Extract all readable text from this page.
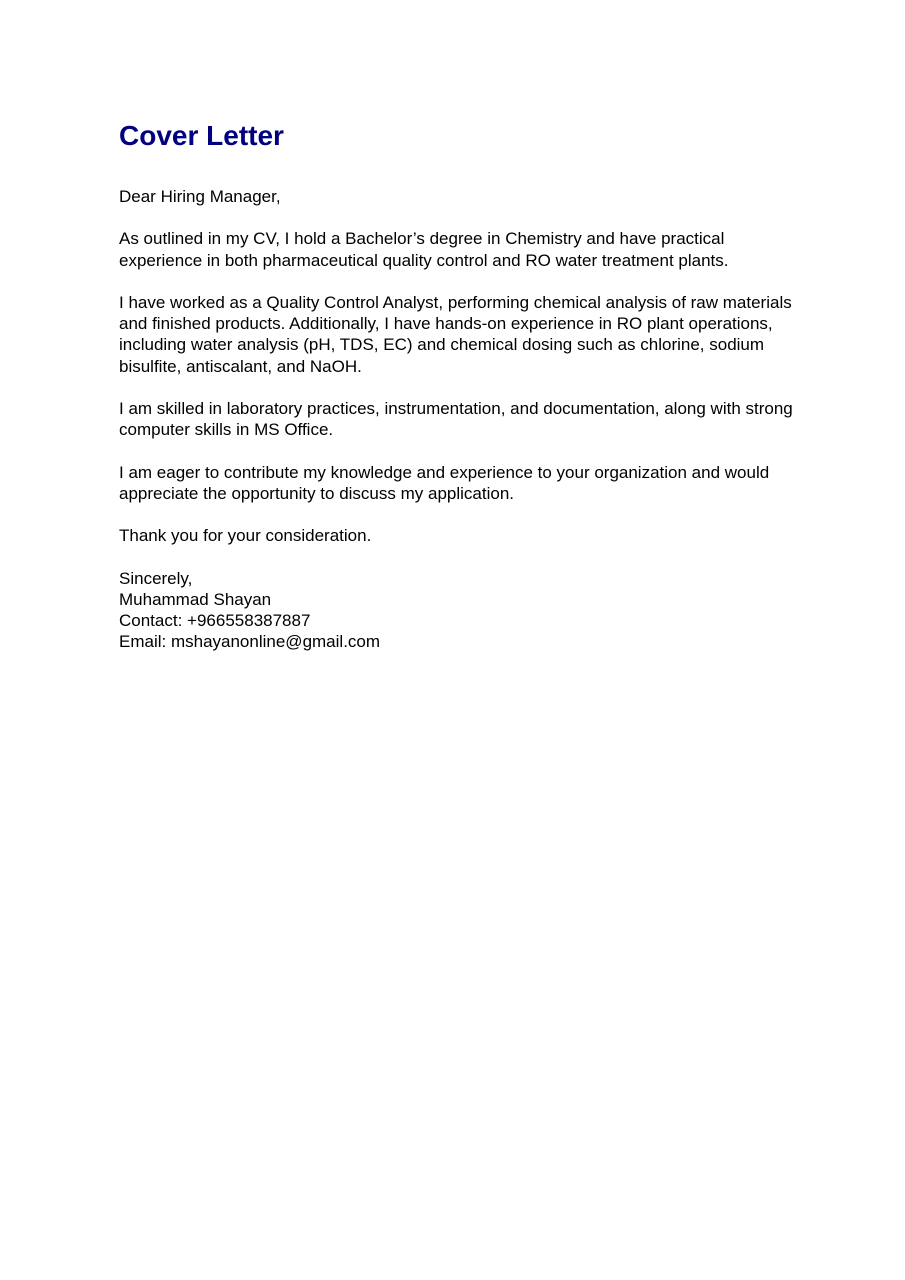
Cover Letter

Dear Hiring Manager,

As outlined in my CV, I hold a Bachelor’s degree in Chemistry and have practical experience in both pharmaceutical quality control and RO water treatment plants.

I have worked as a Quality Control Analyst, performing chemical analysis of raw materials and finished products. Additionally, I have hands-on experience in RO plant operations, including water analysis (pH, TDS, EC) and chemical dosing such as chlorine, sodium bisulfite, antiscalant, and NaOH.

I am skilled in laboratory practices, instrumentation, and documentation, along with strong computer skills in MS Office.

I am eager to contribute my knowledge and experience to your organization and would appreciate the opportunity to discuss my application.

Thank you for your consideration.

Sincerely,
Muhammad Shayan
Contact: +966558387887
Email: mshayanonline@gmail.com
